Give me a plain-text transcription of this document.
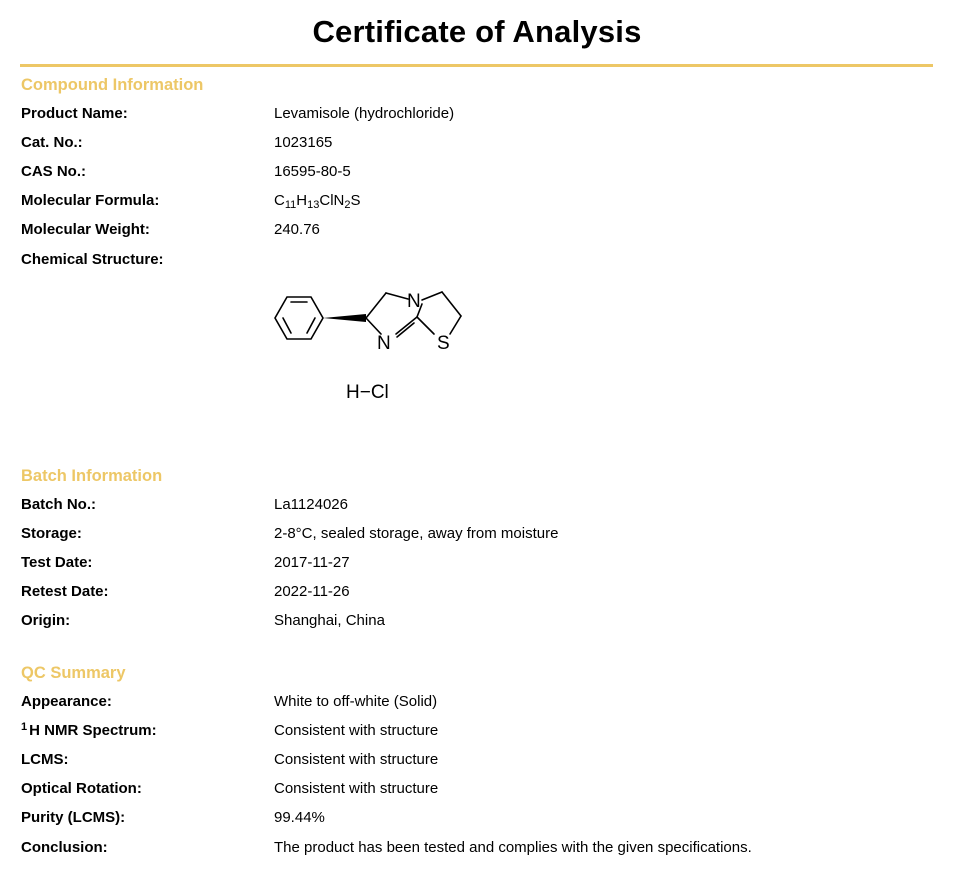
Certificate of Analysis
Compound Information
Product Name:	Levamisole (hydrochloride)
Cat. No.:	1023165
CAS No.:	16595-80-5
Molecular Formula:	$C_{11}H_{13}ClN_2S$
Molecular Weight:	240.76
Chemical Structure:
N
N S
H−Cl
Batch Information
Batch No.:	La1124026
Storage:	2-8°C, sealed storage, away from moisture
Test Date:	2017-11-27
Retest Date:	2022-11-26
Origin:	Shanghai, China
QC Summary
Appearance:	White to off-white (Solid)
$^1$ H NMR Spectrum:	Consistent with structure
LCMS:	Consistent with structure
Optical Rotation:	Consistent with structure
Purity (LCMS):	99.44%
Conclusion:	The product has been tested and complies with the given specifications.
